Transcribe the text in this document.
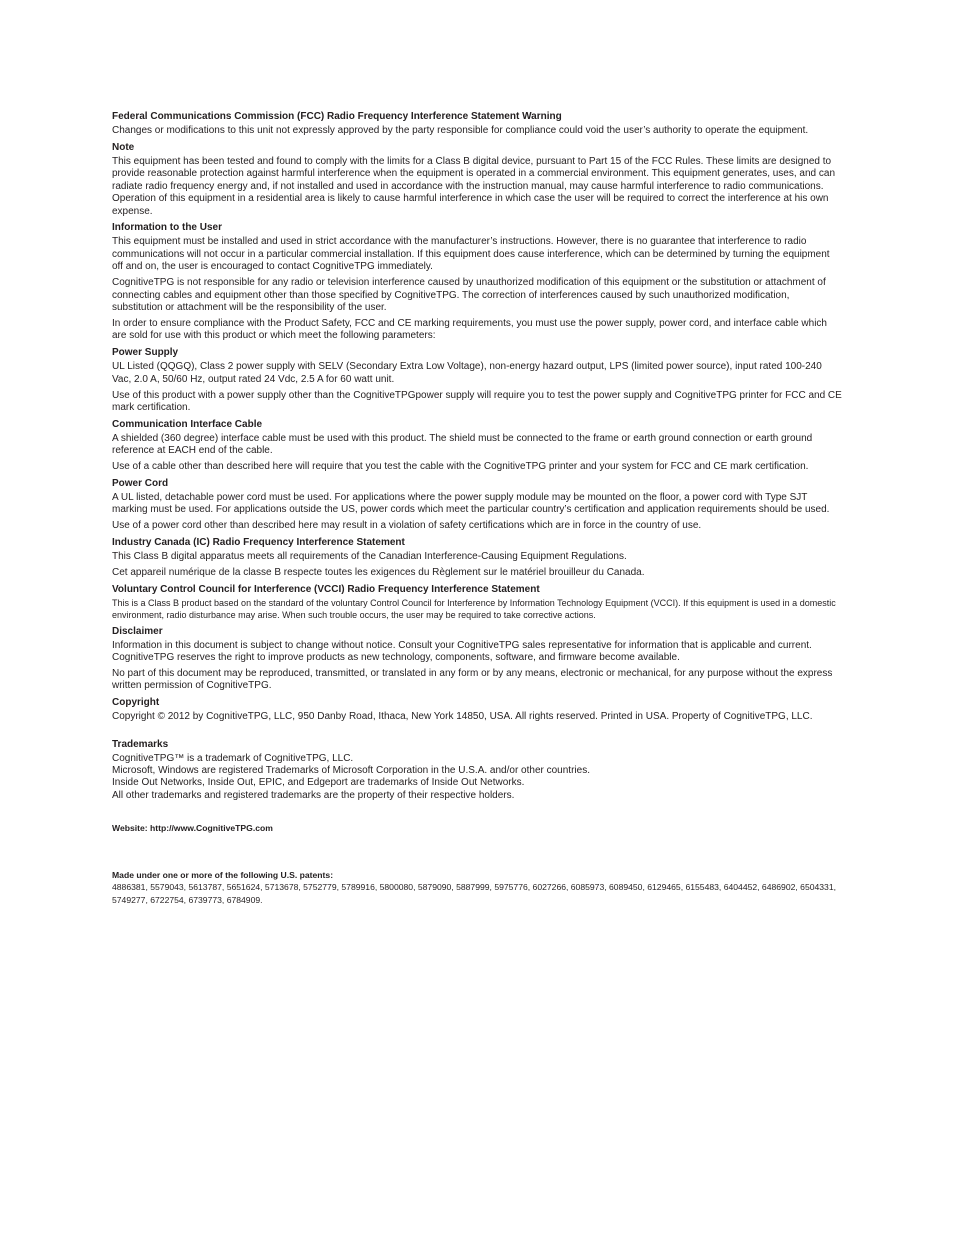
Federal Communications Commission (FCC) Radio Frequency Interference Statement Warning
Changes or modifications to this unit not expressly approved by the party responsible for compliance could void the user’s authority to operate the equipment.
Note
This equipment has been tested and found to comply with the limits for a Class B digital device, pursuant to Part 15 of the FCC Rules. These limits are designed to provide reasonable protection against harmful interference when the equipment is operated in a commercial environment. This equipment generates, uses, and can radiate radio frequency energy and, if not installed and used in accordance with the instruction manual, may cause harmful interference to radio communications. Operation of this equipment in a residential area is likely to cause harmful interference in which case the user will be required to correct the interference at his own expense.
Information to the User
This equipment must be installed and used in strict accordance with the manufacturer’s instructions. However, there is no guarantee that interference to radio communications will not occur in a particular commercial installation. If this equipment does cause interference, which can be determined by turning the equipment off and on, the user is encouraged to contact CognitiveTPG immediately.
CognitiveTPG is not responsible for any radio or television interference caused by unauthorized modification of this equipment or the substitution or attachment of connecting cables and equipment other than those specified by CognitiveTPG. The correction of interferences caused by such unauthorized modification, substitution or attachment will be the responsibility of the user.
In order to ensure compliance with the Product Safety, FCC and CE marking requirements, you must use the power supply, power cord, and interface cable which are sold for use with this product or which meet the following parameters:
Power Supply
UL Listed (QQGQ), Class 2 power supply with SELV (Secondary Extra Low Voltage), non-energy hazard output, LPS (limited power source), input rated 100-240 Vac, 2.0 A, 50/60 Hz, output rated 24 Vdc, 2.5 A for 60 watt unit.
Use of this product with a power supply other than the CognitiveTPGpower supply will require you to test the power supply and CognitiveTPG printer for FCC and CE mark certification.
Communication Interface Cable
A shielded (360 degree) interface cable must be used with this product. The shield must be connected to the frame or earth ground connection or earth ground reference at EACH end of the cable.
Use of a cable other than described here will require that you test the cable with the CognitiveTPG printer and your system for FCC and CE mark certification.
Power Cord
A UL listed, detachable power cord must be used. For applications where the power supply module may be mounted on the floor, a power cord with Type SJT marking must be used. For applications outside the US, power cords which meet the particular country’s certification and application requirements should be used.
Use of a power cord other than described here may result in a violation of safety certifications which are in force in the country of use.
Industry Canada (IC) Radio Frequency Interference Statement
This Class B digital apparatus meets all requirements of the Canadian Interference-Causing Equipment Regulations.
Cet appareil numérique de la classe B respecte toutes les exigences du Règlement sur le matériel brouilleur du Canada.
Voluntary Control Council for Interference (VCCI) Radio Frequency Interference Statement
This is a Class B product based on the standard of the voluntary Control Council for Interference by Information Technology Equipment (VCCI). If this equipment is used in a domestic environment, radio disturbance may arise. When such trouble occurs, the user may be required to take corrective actions.
Disclaimer
Information in this document is subject to change without notice. Consult your CognitiveTPG sales representative for information that is applicable and current. CognitiveTPG reserves the right to improve products as new technology, components, software, and firmware become available.
No part of this document may be reproduced, transmitted, or translated in any form or by any means, electronic or mechanical, for any purpose without the express written permission of CognitiveTPG.
Copyright
Copyright © 2012 by CognitiveTPG, LLC, 950 Danby Road, Ithaca, New York 14850, USA. All rights reserved. Printed in USA. Property of CognitiveTPG, LLC.
Trademarks
CognitiveTPG™ is a trademark of CognitiveTPG, LLC.
Microsoft, Windows are registered Trademarks of Microsoft Corporation in the U.S.A. and/or other countries.
Inside Out Networks, Inside Out, EPIC, and Edgeport are trademarks of Inside Out Networks.
All other trademarks and registered trademarks are the property of their respective holders.
Website: http://www.CognitiveTPG.com
Made under one or more of the following U.S. patents:
4886381, 5579043, 5613787, 5651624, 5713678, 5752779, 5789916, 5800080, 5879090, 5887999, 5975776, 6027266, 6085973, 6089450, 6129465, 6155483, 6404452, 6486902, 6504331, 5749277, 6722754, 6739773, 6784909.
